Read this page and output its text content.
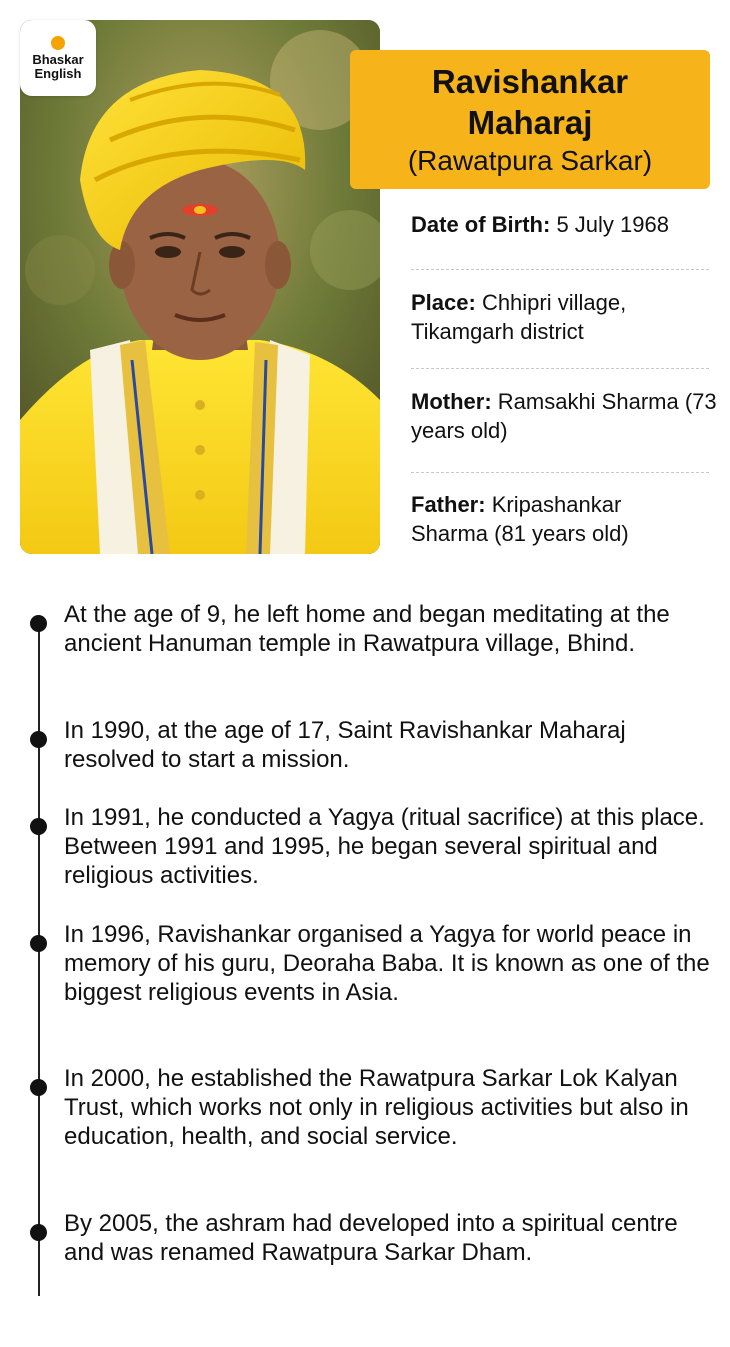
Bhaskar
English	Ravishankar
Maharaj
(Rawatpura Sarkar)
Date of Birth: 5 July 1968
Place: Chhipri village, Tikamgarh district
Mother: Ramsakhi Sharma (73 years old)
Father: Kripashankar Sharma (81 years old)
At the age of 9, he left home and began meditating at the ancient Hanuman temple in Rawatpura village, Bhind.
In 1990, at the age of 17, Saint Ravishankar Maharaj resolved to start a mission.
In 1991, he conducted a Yagya (ritual sacrifice) at this place. Between 1991 and 1995, he began several spiritual and religious activities.
In 1996, Ravishankar organised a Yagya for world peace in memory of his guru, Deoraha Baba. It is known as one of the biggest religious events in Asia.
In 2000, he established the Rawatpura Sarkar Lok Kalyan Trust, which works not only in religious activities but also in education, health, and social service.
By 2005, the ashram had developed into a spiritual centre and was renamed Rawatpura Sarkar Dham.
